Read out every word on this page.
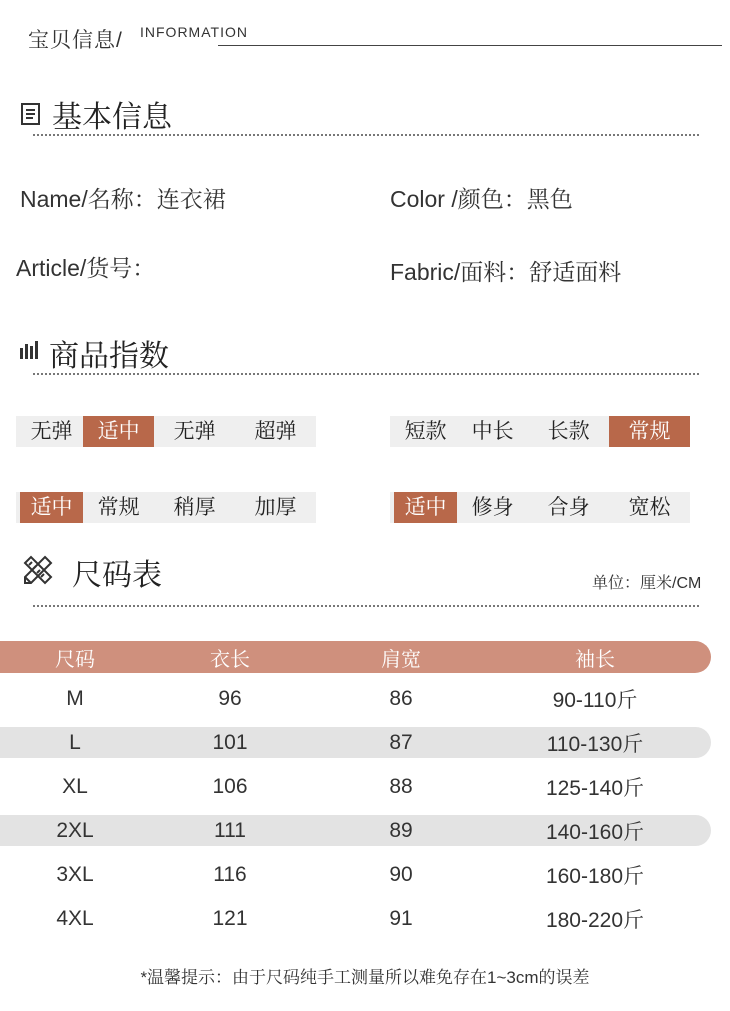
宝贝信息/ INFORMATION
基本信息
Name/名称：连衣裙	Color /颜色：黑色
Article/货号：	Fabric/面料：舒适面料
商品指数
无弹	适中	无弹	超弹	短款	中长	长款	常规
适中	常规	稍厚	加厚	适中	修身	合身	宽松
尺码表	单位：厘米/CM
尺码	衣长	肩宽	袖长
M	96	86	90-110斤
L	101	87	110-130斤
XL	106	88	125-140斤
2XL	111	89	140-160斤
3XL	116	90	160-180斤
4XL	121	91	180-220斤
*温馨提示：由于尺码纯手工测量所以难免存在1~3cm的误差
